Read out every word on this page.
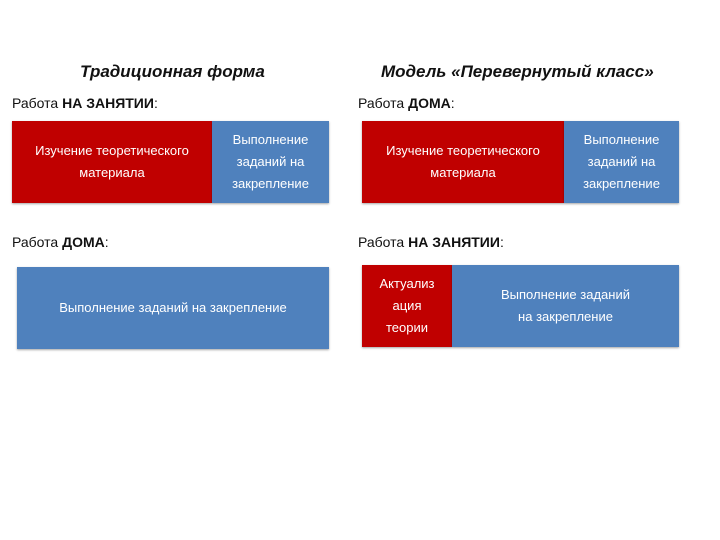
Традиционная форма
Работа НА ЗАНЯТИИ:
Изучение теоретического
материала
Выполнение
заданий на
закрепление
Работа ДОМА:
Выполнение заданий на закрепление
Модель «Перевернутый класс»
Работа ДОМА:
Изучение теоретического
материала
Выполнение
заданий на
закрепление
Работа НА ЗАНЯТИИ:
Актуализ
ация
теории
Выполнение заданий
на закрепление
